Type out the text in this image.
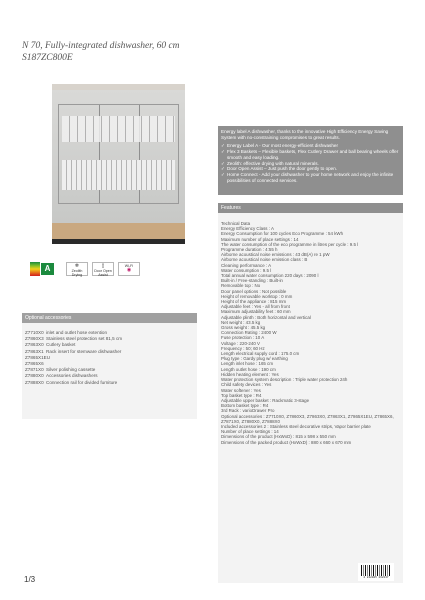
N 70, Fully-integrated dishwasher, 60 cm
S187ZC800E
A	❄
Zeolith Drying
▯
Door Open Assist
Wi-Fi
◉
Optional accessories
Z7710X0 inlet and outlet hose extention
Z7860X3 Stainless steel protection set 81,5 cm
Z7863X0 Cutlery basket
Z7863X1 Rack insert for stemware dishwasher
Z7865X1EU
Z7865X6
Z7871X0 Silver polishing cassette
Z7880X0 Accessories dishwashers
Z7888X0 Connection rail for divided furniture

Energy label A dishwasher, thanks to the innovative High Efficiency Energy Saving System with no-constraining compromises to great results.

✓ Energy Label A - Our most energy-efficient dishwasher
✓ Flex 3 Baskets – Flexible baskets, Flex Cutlery Drawer and ball bearing wheels offer smooth and easy loading.
✓ Zeolith: effective drying with natural minerals.
✓ Door Open Assist – Just push the door gently to open.
✓ Home Connect - Add your dishwasher to your home network and enjoy the infinite possibilities of connected services.
Features
Technical Data
Energy Efficiency Class : A
Energy Consumption for 100 cycles Eco Programme : 54 kWh
Maximum number of place settings : 14
The water consumption of the eco programme in litres per cycle : 9.5 l
Programme duration : 4:55 h
Airborne acoustical noise emissions : 43 dB(A) re 1 pW
Airborne acoustical noise emission class : B
Cleaning performance : A
Water consumption : 9.5 l
Total annual water consumption 220 days : 2090 l
Built-in / Free-standing : Built-in
Removable top : No
Door panel options : Not possible
Height of removable worktop : 0 mm
Height of the appliance : 815 mm
Adjustable feet : Yes - all from front
Maximum adjustability feet : 60 mm
Adjustable plinth : Both horizontal and vertical
Net weight : 43.5 kg
Gross weight : 45.5 kg
Connection Rating : 2400 W
Fuse protection : 10 A
Voltage : 220-240 V
Frequency : 50; 60 Hz
Length electrical supply cord : 175.0 cm
Plug type : Gardy plug w/ earthing
Length inlet hose : 165 cm
Length outlet hose : 190 cm
Hidden heating element : Yes
Water protection system description : Triple water protection 24h
Child safety devices : Yes
Water softener : Yes
Top basket type : R4
Adjustable upper basket : Rackmatic 3-stage
Bottom basket type : R4
3rd Rack : varioDrawer Pro
Optional accessories : Z7710X0, Z7860X3, Z7863X0, Z7863X1, Z7865X1EU, Z7865X6, Z7871X0, Z7880X0, Z7888X0
Included accessories 2 : Stainless steel decorative strips, Vapor barrier plate
Number of place settings : 14
Dimensions of the product (HxWxD) : 815 x 598 x 550 mm
Dimensions of the packed product (HxWxD) : 880 x 660 x 670 mm
4 242005 262237
1/3
